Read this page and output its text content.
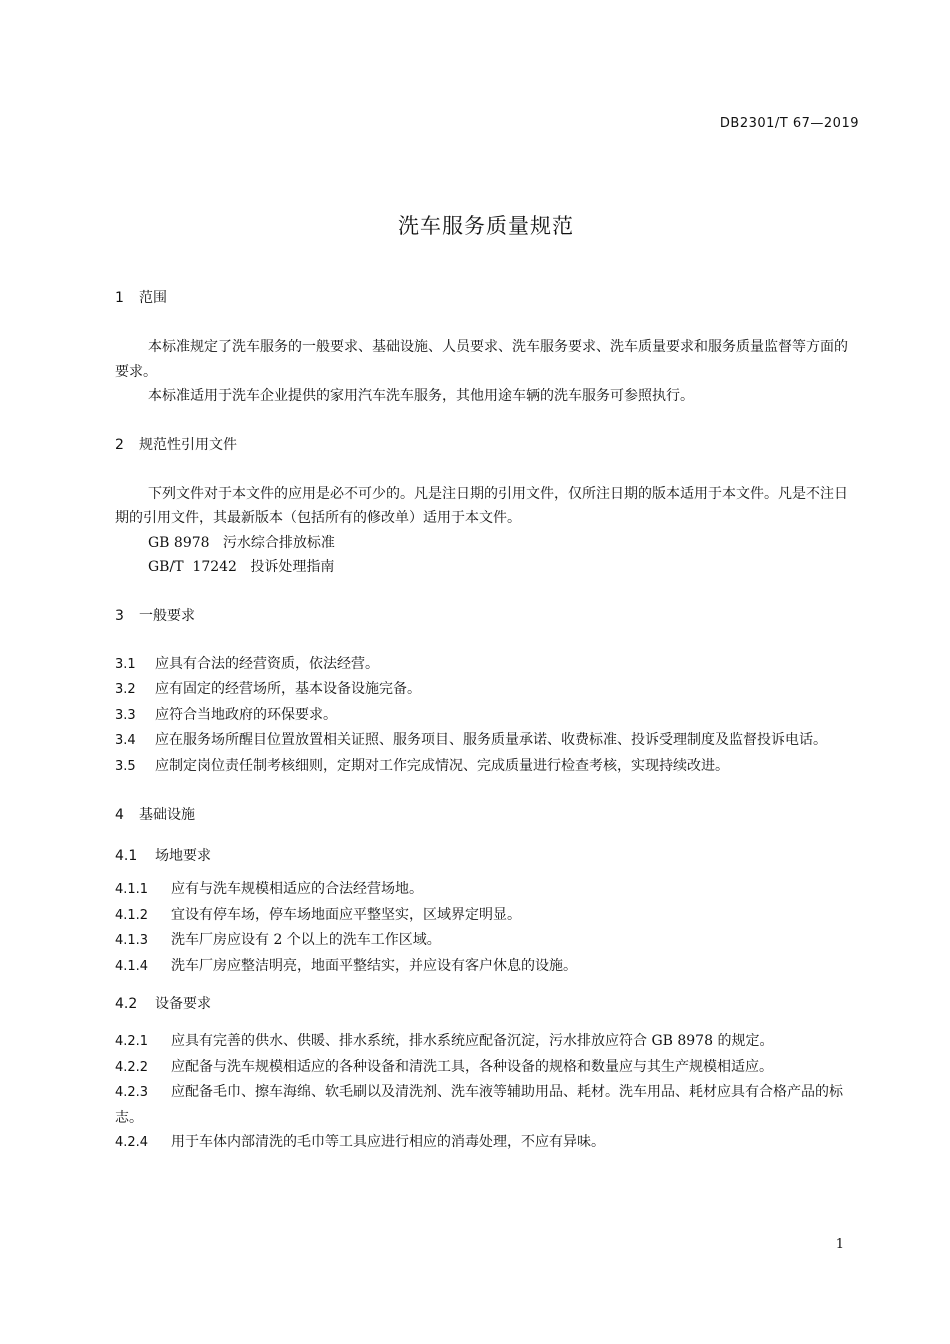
DB2301/T 67—2019
洗车服务质量规范
1 范围

本标准规定了洗车服务的一般要求、基础设施、人员要求、洗车服务要求、洗车质量要求和服务质量监督等方面的要求。

本标准适用于洗车企业提供的家用汽车洗车服务，其他用途车辆的洗车服务可参照执行。

2 规范性引用文件

下列文件对于本文件的应用是必不可少的。凡是注日期的引用文件，仅所注日期的版本适用于本文件。凡是不注日期的引用文件，其最新版本（包括所有的修改单）适用于本文件。

GB 8978 污水综合排放标准
GB/T  17242 投诉处理指南
3 一般要求

3.1 应具有合法的经营资质，依法经营。

3.2 应有固定的经营场所，基本设备设施完备。

3.3 应符合当地政府的环保要求。

3.4 应在服务场所醒目位置放置相关证照、服务项目、服务质量承诺、收费标准、投诉受理制度及监督投诉电话。

3.5 应制定岗位责任制考核细则，定期对工作完成情况、完成质量进行检查考核，实现持续改进。

4 基础设施
4.1 场地要求

4.1.1 应有与洗车规模相适应的合法经营场地。

4.1.2 宜设有停车场，停车场地面应平整坚实，区域界定明显。

4.1.3 洗车厂房应设有 2 个以上的洗车工作区域。

4.1.4 洗车厂房应整洁明亮，地面平整结实，并应设有客户休息的设施。

4.2 设备要求

4.2.1 应具有完善的供水、供暖、排水系统，排水系统应配备沉淀，污水排放应符合 GB 8978 的规定。

4.2.2 应配备与洗车规模相适应的各种设备和清洗工具，各种设备的规格和数量应与其生产规模相适应。

4.2.3 应配备毛巾、擦车海绵、软毛刷以及清洗剂、洗车液等辅助用品、耗材。洗车用品、耗材应具有合格产品的标志。

4.2.4 用于车体内部清洗的毛巾等工具应进行相应的消毒处理，不应有异味。

1
